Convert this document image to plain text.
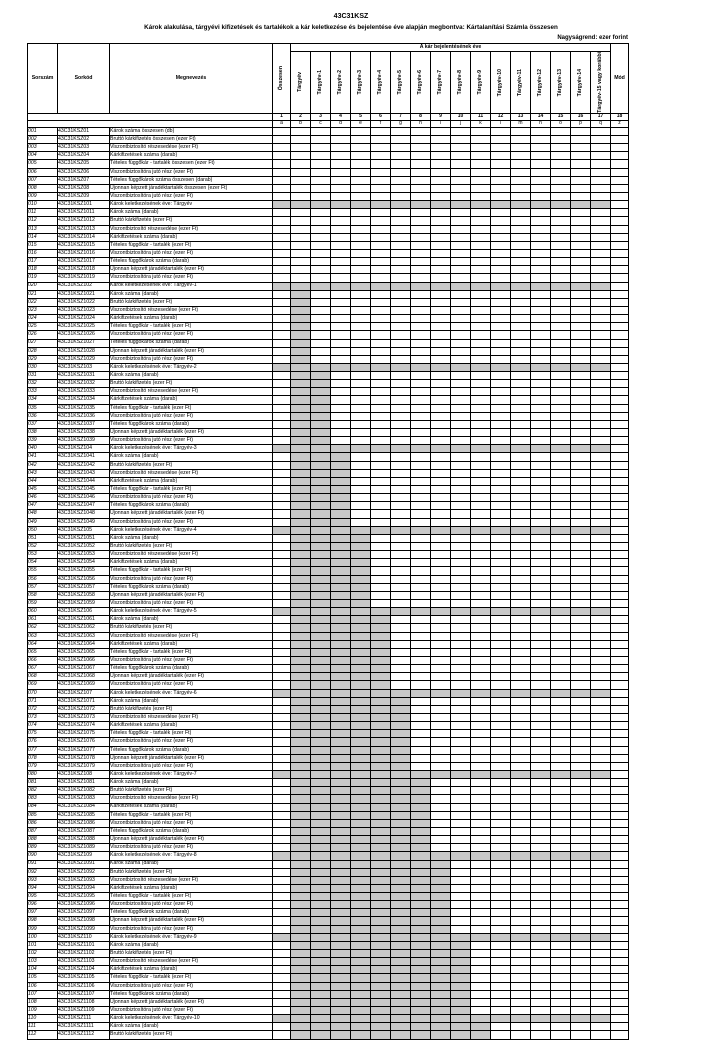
43C31KSZ
Károk alakulása, tárgyévi kifizetések és tartalékok a kár keletkezése és bejelentése éve alapján megbontva: Kártalanítási Számla összesen
Nagyságrend: ezer forint
Sorszám	Sorkód	Megnevezés	Összesen	A kár bejelentésének éve																Mód

				Tárgyév	Tárgyév-1	Tárgyév-2	Tárgyév-3	Tárgyév-4	Tárgyév-5	Tárgyév-6	Tárgyév-7	Tárgyév-8	Tárgyév-9	Tárgyév-10	Tárgyév-11	Tárgyév-12	Tárgyév-13	Tárgyév-14	Tárgyév-15 vagy korábbi	

			1	2	3	4	5	6	7	8	9	10	11	12	13	14	15	16	17	18
			a	b	c	d	e	f	g	h	i	j	k	l	m	n	o	p	q	z
001	43C31KSZ01	Károk száma összesen (db)																		
002	43C31KSZ02	Bruttó kárkifizetés összesen (ezer Ft)																		
003	43C31KSZ03	Viszontbiztosító részesedése (ezer Ft)																		
004	43C31KSZ04	Kárkifizetések száma (darab)																		
005	43C31KSZ05	Tételes függőkár - tartalék összesen (ezer Ft)																		
006	43C31KSZ06	Viszontbiztosítóra jutó rész (ezer Ft)																		
007	43C31KSZ07	Tételes függőkárok száma összesen (darab)																		
008	43C31KSZ08	Újonnan képzett járadéktartalék összesen (ezer Ft)																		
009	43C31KSZ09	Viszontbiztosítóra jutó rész (ezer Ft)																		
010	43C31KSZ101	Károk keletkezésének éve: Tárgyév																		
011	43C31KSZ1011	Károk száma (darab)																		
012	43C31KSZ1012	Bruttó kárkifizetés (ezer Ft)																		
013	43C31KSZ1013	Viszontbiztosító részesedése (ezer Ft)																		
014	43C31KSZ1014	Kárkifizetések száma (darab)																		
015	43C31KSZ1015	Tételes függőkár - tartalék (ezer Ft)																		
016	43C31KSZ1016	Viszontbiztosítóra jutó rész (ezer Ft)																		
017	43C31KSZ1017	Tételes függőkárok száma (darab)																		
018	43C31KSZ1018	Újonnan képzett járadéktartalék (ezer Ft)																		
019	43C31KSZ1019	Viszontbiztosítóra jutó rész (ezer Ft)																		
020	43C31KSZ102	Károk keletkezésének éve: Tárgyév-1																		
021	43C31KSZ1021	Károk száma (darab)																		
022	43C31KSZ1022	Bruttó kárkifizetés (ezer Ft)																		
023	43C31KSZ1023	Viszontbiztosító részesedése (ezer Ft)																		
024	43C31KSZ1024	Kárkifizetések száma (darab)																		
025	43C31KSZ1025	Tételes függőkár - tartalék (ezer Ft)																		
026	43C31KSZ1026	Viszontbiztosítóra jutó rész (ezer Ft)																		
027	43C31KSZ1027	Tételes függőkárok száma (darab)																		
028	43C31KSZ1028	Újonnan képzett járadéktartalék (ezer Ft)																		
029	43C31KSZ1029	Viszontbiztosítóra jutó rész (ezer Ft)																		
030	43C31KSZ103	Károk keletkezésének éve: Tárgyév-2																		
031	43C31KSZ1031	Károk száma (darab)																		
032	43C31KSZ1032	Bruttó kárkifizetés (ezer Ft)																		
033	43C31KSZ1033	Viszontbiztosító részesedése (ezer Ft)																		
034	43C31KSZ1034	Kárkifizetések száma (darab)																		
035	43C31KSZ1035	Tételes függőkár - tartalék (ezer Ft)																		
036	43C31KSZ1036	Viszontbiztosítóra jutó rész (ezer Ft)																		
037	43C31KSZ1037	Tételes függőkárok száma (darab)																		
038	43C31KSZ1038	Újonnan képzett járadéktartalék (ezer Ft)																		
039	43C31KSZ1039	Viszontbiztosítóra jutó rész (ezer Ft)																		
040	43C31KSZ104	Károk keletkezésének éve: Tárgyév-3																		
041	43C31KSZ1041	Károk száma (darab)																		
042	43C31KSZ1042	Bruttó kárkifizetés (ezer Ft)																		
043	43C31KSZ1043	Viszontbiztosító részesedése (ezer Ft)																		
044	43C31KSZ1044	Kárkifizetések száma (darab)																		
045	43C31KSZ1045	Tételes függőkár - tartalék (ezer Ft)																		
046	43C31KSZ1046	Viszontbiztosítóra jutó rész (ezer Ft)																		
047	43C31KSZ1047	Tételes függőkárok száma (darab)																		
048	43C31KSZ1048	Újonnan képzett járadéktartalék (ezer Ft)																		
049	43C31KSZ1049	Viszontbiztosítóra jutó rész (ezer Ft)																		
050	43C31KSZ105	Károk keletkezésének éve: Tárgyév-4																		
051	43C31KSZ1051	Károk száma (darab)																		
052	43C31KSZ1052	Bruttó kárkifizetés (ezer Ft)																		
053	43C31KSZ1053	Viszontbiztosító részesedése (ezer Ft)																		
054	43C31KSZ1054	Kárkifizetések száma (darab)																		
055	43C31KSZ1055	Tételes függőkár - tartalék (ezer Ft)																		
056	43C31KSZ1056	Viszontbiztosítóra jutó rész (ezer Ft)																		
057	43C31KSZ1057	Tételes függőkárok száma (darab)																		
058	43C31KSZ1058	Újonnan képzett járadéktartalék (ezer Ft)																		
059	43C31KSZ1059	Viszontbiztosítóra jutó rész (ezer Ft)																		
060	43C31KSZ106	Károk keletkezésének éve: Tárgyév-5																		
061	43C31KSZ1061	Károk száma (darab)																		
062	43C31KSZ1062	Bruttó kárkifizetés (ezer Ft)																		
063	43C31KSZ1063	Viszontbiztosító részesedése (ezer Ft)																		
064	43C31KSZ1064	Kárkifizetések száma (darab)																		
065	43C31KSZ1065	Tételes függőkár - tartalék (ezer Ft)																		
066	43C31KSZ1066	Viszontbiztosítóra jutó rész (ezer Ft)																		
067	43C31KSZ1067	Tételes függőkárok száma (darab)																		
068	43C31KSZ1068	Újonnan képzett járadéktartalék (ezer Ft)																		
069	43C31KSZ1069	Viszontbiztosítóra jutó rész (ezer Ft)																		
070	43C31KSZ107	Károk keletkezésének éve: Tárgyév-6																		
071	43C31KSZ1071	Károk száma (darab)																		
072	43C31KSZ1072	Bruttó kárkifizetés (ezer Ft)																		
073	43C31KSZ1073	Viszontbiztosító részesedése (ezer Ft)																		
074	43C31KSZ1074	Kárkifizetések száma (darab)																		
075	43C31KSZ1075	Tételes függőkár - tartalék (ezer Ft)																		
076	43C31KSZ1076	Viszontbiztosítóra jutó rész (ezer Ft)																		
077	43C31KSZ1077	Tételes függőkárok száma (darab)																		
078	43C31KSZ1078	Újonnan képzett járadéktartalék (ezer Ft)																		
079	43C31KSZ1079	Viszontbiztosítóra jutó rész (ezer Ft)																		
080	43C31KSZ108	Károk keletkezésének éve: Tárgyév-7																		
081	43C31KSZ1081	Károk száma (darab)																		
082	43C31KSZ1082	Bruttó kárkifizetés (ezer Ft)																		
083	43C31KSZ1083	Viszontbiztosító részesedése (ezer Ft)																		
084	43C31KSZ1084	Kárkifizetések száma (darab)																		
085	43C31KSZ1085	Tételes függőkár - tartalék (ezer Ft)																		
086	43C31KSZ1086	Viszontbiztosítóra jutó rész (ezer Ft)																		
087	43C31KSZ1087	Tételes függőkárok száma (darab)																		
088	43C31KSZ1088	Újonnan képzett járadéktartalék (ezer Ft)																		
089	43C31KSZ1089	Viszontbiztosítóra jutó rész (ezer Ft)																		
090	43C31KSZ109	Károk keletkezésének éve: Tárgyév-8																		
091	43C31KSZ1091	Károk száma (darab)																		
092	43C31KSZ1092	Bruttó kárkifizetés (ezer Ft)																		
093	43C31KSZ1093	Viszontbiztosító részesedése (ezer Ft)																		
094	43C31KSZ1094	Kárkifizetések száma (darab)																		
095	43C31KSZ1095	Tételes függőkár - tartalék (ezer Ft)																		
096	43C31KSZ1096	Viszontbiztosítóra jutó rész (ezer Ft)																		
097	43C31KSZ1097	Tételes függőkárok száma (darab)																		
098	43C31KSZ1098	Újonnan képzett járadéktartalék (ezer Ft)																		
099	43C31KSZ1099	Viszontbiztosítóra jutó rész (ezer Ft)																		
100	43C31KSZ110	Károk keletkezésének éve: Tárgyév-9																		
101	43C31KSZ1101	Károk száma (darab)																		
102	43C31KSZ1102	Bruttó kárkifizetés (ezer Ft)																		
103	43C31KSZ1103	Viszontbiztosító részesedése (ezer Ft)																		
104	43C31KSZ1104	Kárkifizetések száma (darab)																		
105	43C31KSZ1105	Tételes függőkár - tartalék (ezer Ft)																		
106	43C31KSZ1106	Viszontbiztosítóra jutó rész (ezer Ft)																		
107	43C31KSZ1107	Tételes függőkárok száma (darab)																		
108	43C31KSZ1108	Újonnan képzett járadéktartalék (ezer Ft)																		
109	43C31KSZ1109	Viszontbiztosítóra jutó rész (ezer Ft)																		
110	43C31KSZ111	Károk keletkezésének éve: Tárgyév-10																		
111	43C31KSZ1111	Károk száma (darab)																		
112	43C31KSZ1112	Bruttó kárkifizetés (ezer Ft)																		
